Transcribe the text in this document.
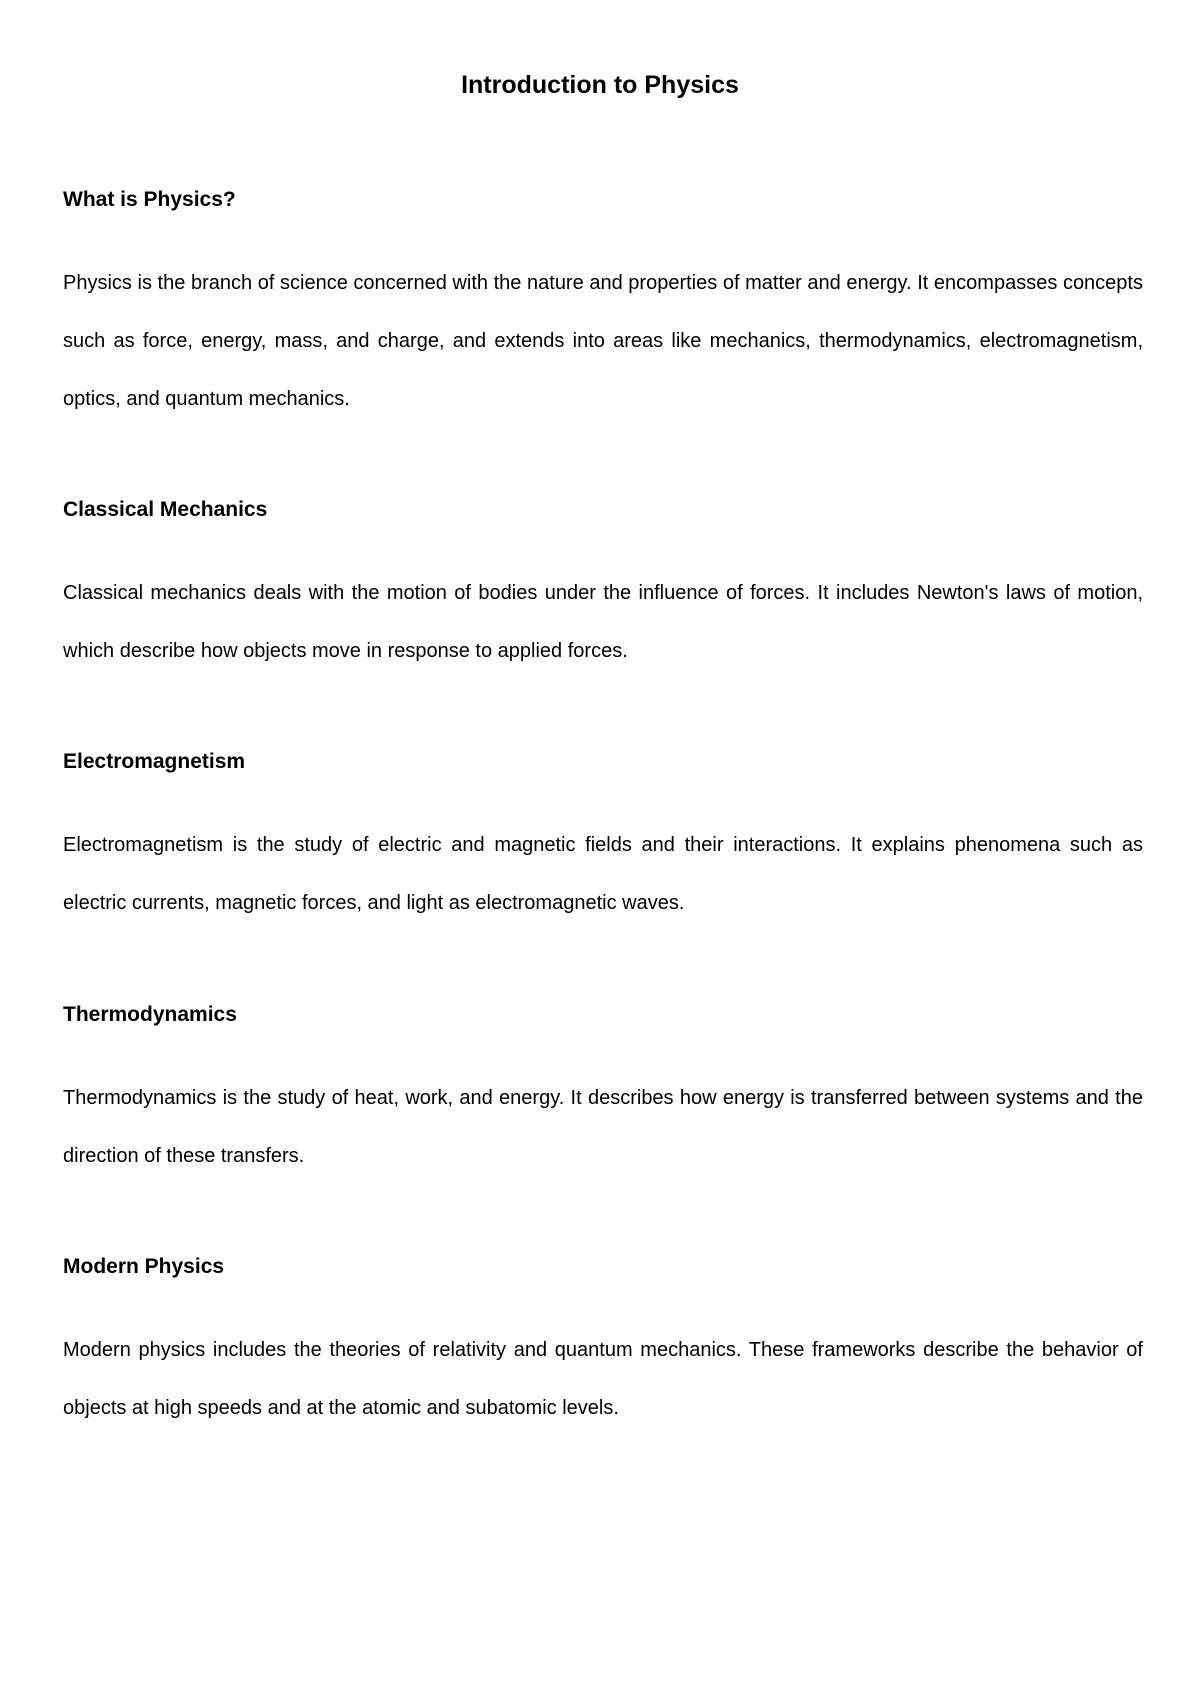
Introduction to Physics
What is Physics?

Physics is the branch of science concerned with the nature and properties of matter and energy. It encompasses concepts such as force, energy, mass, and charge, and extends into areas like mechanics, thermodynamics, electromagnetism, optics, and quantum mechanics.

Classical Mechanics

Classical mechanics deals with the motion of bodies under the influence of forces. It includes Newton's laws of motion, which describe how objects move in response to applied forces.

Electromagnetism

Electromagnetism is the study of electric and magnetic fields and their interactions. It explains phenomena such as electric currents, magnetic forces, and light as electromagnetic waves.

Thermodynamics

Thermodynamics is the study of heat, work, and energy. It describes how energy is transferred between systems and the direction of these transfers.

Modern Physics

Modern physics includes the theories of relativity and quantum mechanics. These frameworks describe the behavior of objects at high speeds and at the atomic and subatomic levels.
